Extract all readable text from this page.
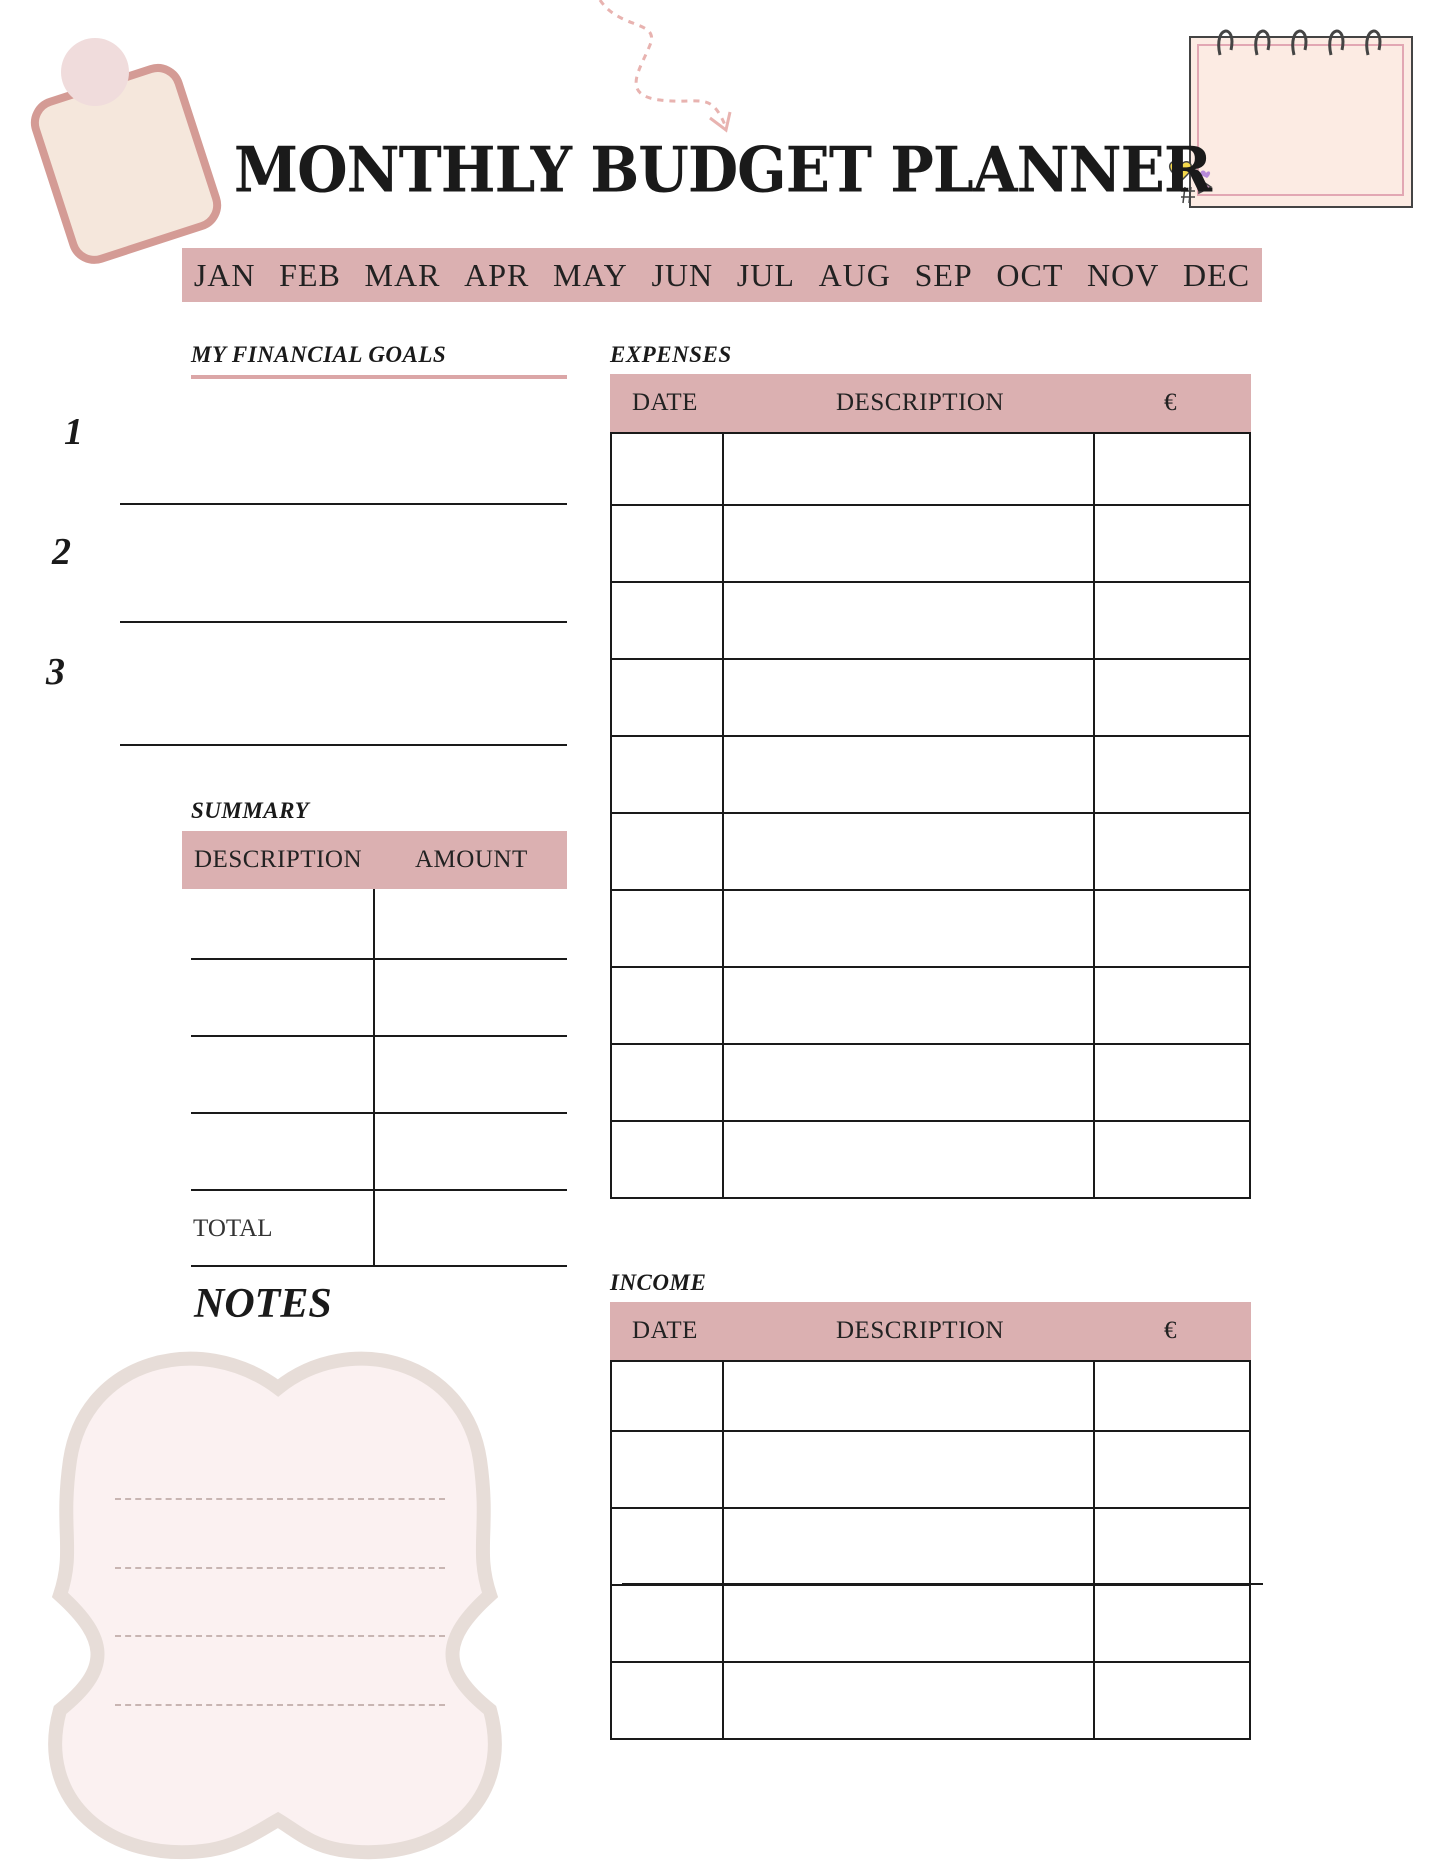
MONTHLY BUDGET PLANNER
JAN FEB MAR APR MAY JUN JUL AUG SEP OCT NOV DEC
MY FINANCIAL GOALS
1
2
3
SUMMARY
DESCRIPTION AMOUNT
TOTAL
EXPENSES
DATE	DESCRIPTION	€

NOTES	INCOME
DATE	DESCRIPTION	€
